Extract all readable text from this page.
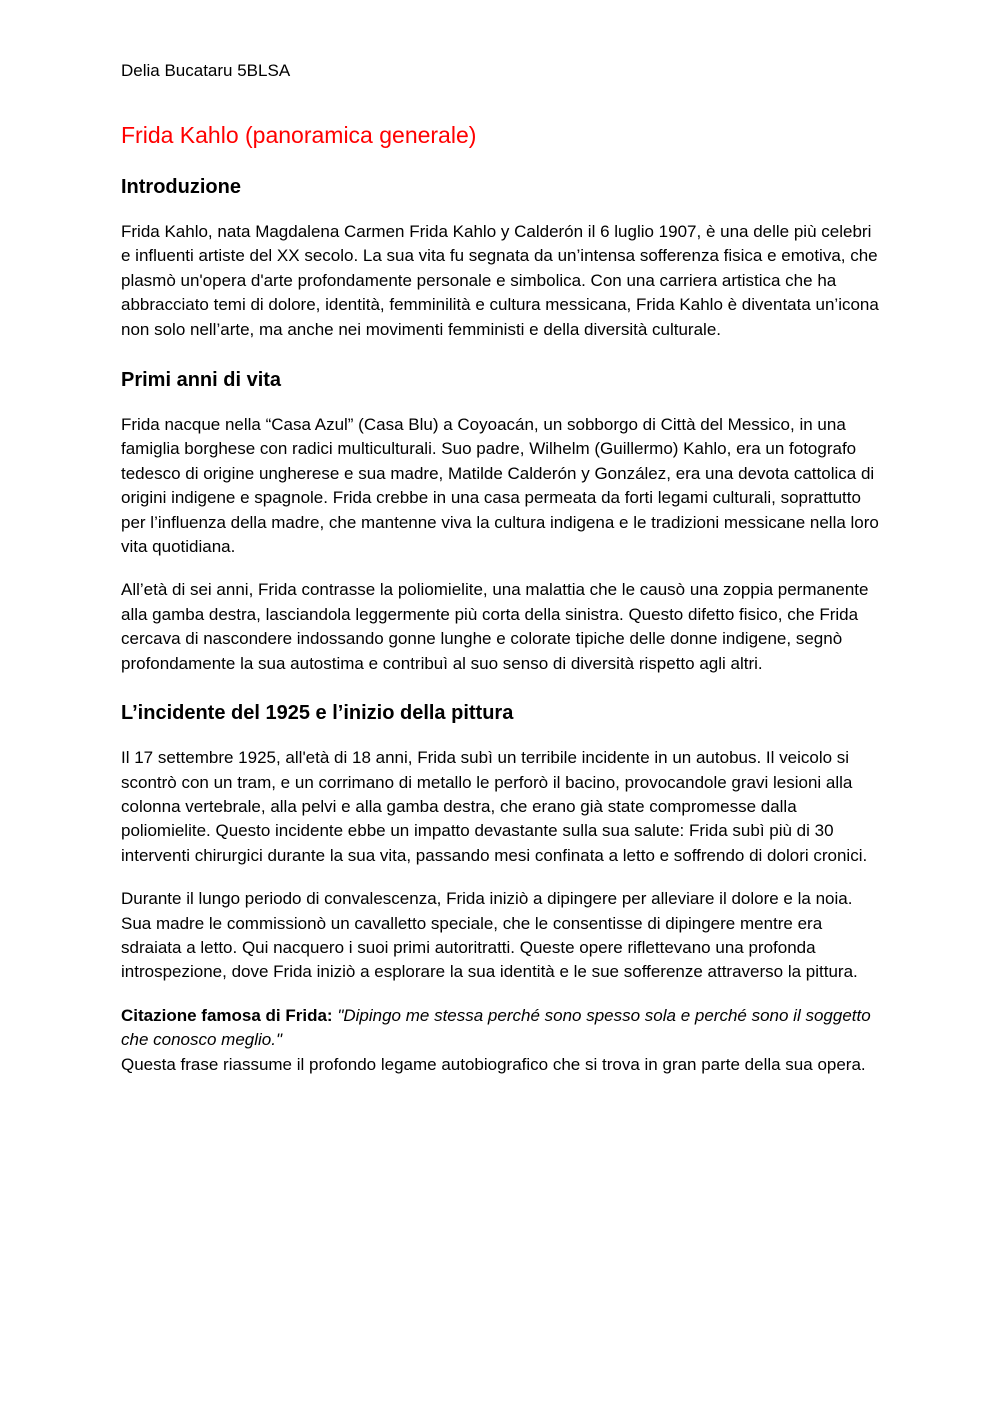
Delia Bucataru 5BLSA

Frida Kahlo (panoramica generale)
Introduzione

Frida Kahlo, nata Magdalena Carmen Frida Kahlo y Calderón il 6 luglio 1907, è una delle più celebri e influenti artiste del XX secolo. La sua vita fu segnata da un’intensa sofferenza fisica e emotiva, che plasmò un'opera d'arte profondamente personale e simbolica. Con una carriera artistica che ha abbracciato temi di dolore, identità, femminilità e cultura messicana, Frida Kahlo è diventata un’icona non solo nell’arte, ma anche nei movimenti femministi e della diversità culturale.

Primi anni di vita

Frida nacque nella “Casa Azul” (Casa Blu) a Coyoacán, un sobborgo di Città del Messico, in una famiglia borghese con radici multiculturali. Suo padre, Wilhelm (Guillermo) Kahlo, era un fotografo tedesco di origine ungherese e sua madre, Matilde Calderón y González, era una devota cattolica di origini indigene e spagnole. Frida crebbe in una casa permeata da forti legami culturali, soprattutto per l’influenza della madre, che mantenne viva la cultura indigena e le tradizioni messicane nella loro vita quotidiana.

All’età di sei anni, Frida contrasse la poliomielite, una malattia che le causò una zoppia permanente alla gamba destra, lasciandola leggermente più corta della sinistra. Questo difetto fisico, che Frida cercava di nascondere indossando gonne lunghe e colorate tipiche delle donne indigene, segnò profondamente la sua autostima e contribuì al suo senso di diversità rispetto agli altri.

L’incidente del 1925 e l’inizio della pittura

Il 17 settembre 1925, all'età di 18 anni, Frida subì un terribile incidente in un autobus. Il veicolo si scontrò con un tram, e un corrimano di metallo le perforò il bacino, provocandole gravi lesioni alla colonna vertebrale, alla pelvi e alla gamba destra, che erano già state compromesse dalla poliomielite. Questo incidente ebbe un impatto devastante sulla sua salute: Frida subì più di 30 interventi chirurgici durante la sua vita, passando mesi confinata a letto e soffrendo di dolori cronici.

Durante il lungo periodo di convalescenza, Frida iniziò a dipingere per alleviare il dolore e la noia. Sua madre le commissionò un cavalletto speciale, che le consentisse di dipingere mentre era sdraiata a letto. Qui nacquero i suoi primi autoritratti. Queste opere riflettevano una profonda introspezione, dove Frida iniziò a esplorare la sua identità e le sue sofferenze attraverso la pittura.

Citazione famosa di Frida: "Dipingo me stessa perché sono spesso sola e perché sono il soggetto che conosco meglio."
Questa frase riassume il profondo legame autobiografico che si trova in gran parte della sua opera.
